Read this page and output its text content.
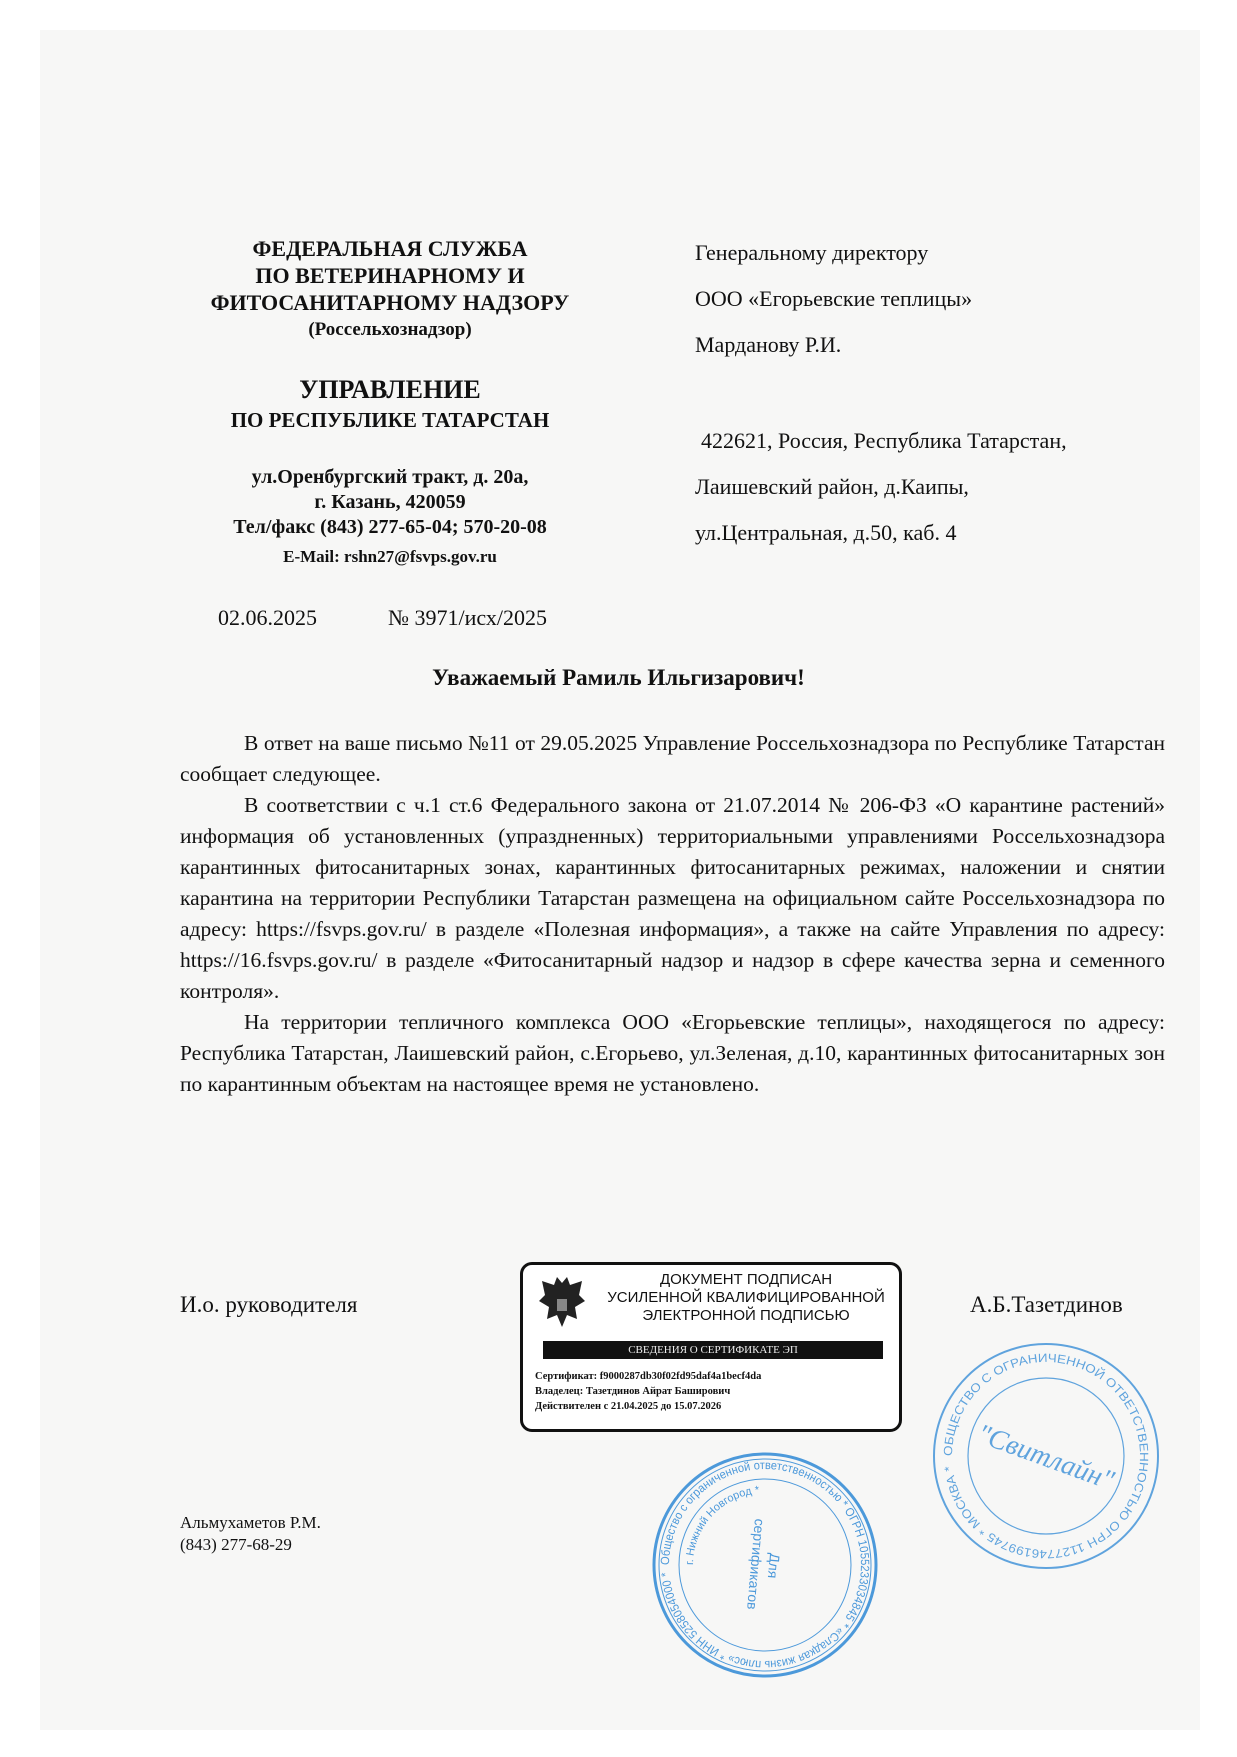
ФЕДЕРАЛЬНАЯ СЛУЖБА
ПО ВЕТЕРИНАРНОМУ И
ФИТОСАНИТАРНОМУ НАДЗОРУ
(Россельхознадзор)
УПРАВЛЕНИЕ
ПО РЕСПУБЛИКЕ ТАТАРСТАН
ул.Оренбургский тракт, д. 20а,
г. Казань, 420059
Тел/факс (843) 277-65-04; 570-20-08
E-Mail: rshn27@fsvps.gov.ru
02.06.2025	№ 3971/исх/2025
Генеральному директору
ООО «Егорьевские теплицы»
Марданову Р.И.
422621, Россия, Республика Татарстан,
Лаишевский район, д.Каипы,
ул.Центральная, д.50, каб. 4
Уважаемый Рамиль Ильгизарович!

В ответ на ваше письмо №11 от 29.05.2025 Управление Россельхознадзора по Республике Татарстан сообщает следующее.

В соответствии с ч.1 ст.6 Федерального закона от 21.07.2014 № 206-ФЗ «О карантине растений» информация об установленных (упраздненных) территориальными управлениями Россельхознадзора карантинных фитосанитарных зонах, карантинных фитосанитарных режимах, наложении и снятии карантина на территории Республики Татарстан размещена на официальном сайте Россельхознадзора по адресу: https://fsvps.gov.ru/ в разделе «Полезная информация», а также на сайте Управления по адресу: https://16.fsvps.gov.ru/ в разделе «Фитосанитарный надзор и надзор в сфере качества зерна и семенного контроля».

На территории тепличного комплекса ООО «Егорьевские теплицы», находящегося по адресу: Республика Татарстан, Лаишевский район, с.Егорьево, ул.Зеленая, д.10, карантинных фитосанитарных зон по карантинным объектам на настоящее время не установлено.

И.о. руководителя
ДОКУМЕНТ ПОДПИСАН
УСИЛЕННОЙ КВАЛИФИЦИРОВАННОЙ
ЭЛЕКТРОННОЙ ПОДПИСЬЮ
СВЕДЕНИЯ О СЕРТИФИКАТЕ ЭП
Сертификат: f9000287db30f02fd95daf4a1becf4da
Владелец: Тазетдинов Айрат Баширович
Действителен с 21.04.2025 до 15.07.2026
А.Б.Тазетдинов
ОБЩЕСТВО С ОГРАНИЧЕННОЙ ОТВЕТСТВЕННОСТЬЮ ОГРН 1127746199745 * МОСКВА * "Свитлайн"
Общество с ограниченной ответственностью * ОГРН 1055233034845 * «Сладкая жизнь плюс» * ИНН 5258054000 *
г. Нижний Новгород *
Для
сертификатов
Альмухаметов Р.М.
(843) 277-68-29
